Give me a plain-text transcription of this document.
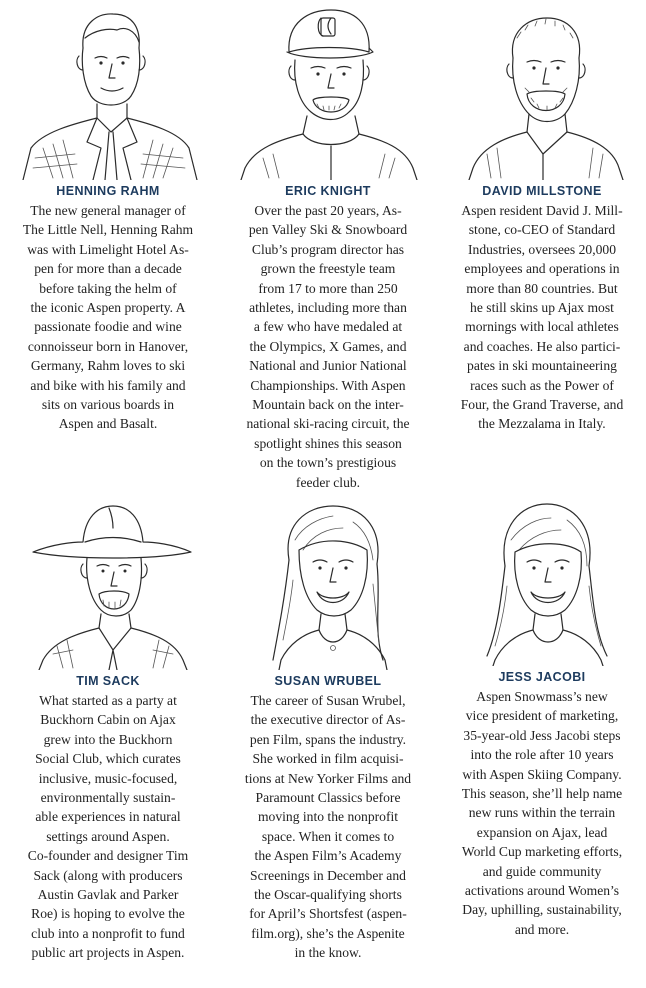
HENNING RAHM
The new general manager of
The Little Nell, Henning Rahm
was with Limelight Hotel As-
pen for more than a decade
before taking the helm of
the iconic Aspen property. A
passionate foodie and wine
connoisseur born in Hanover,
Germany, Rahm loves to ski
and bike with his family and
sits on various boards in
Aspen and Basalt.
ERIC KNIGHT
Over the past 20 years, As-
pen Valley Ski & Snowboard
Club’s program director has
grown the freestyle team
from 17 to more than 250
athletes, including more than
a few who have medaled at
the Olympics, X Games, and
National and Junior National
Championships. With Aspen
Mountain back on the inter-
national ski-racing circuit, the
spotlight shines this season
on the town’s prestigious
feeder club.
DAVID MILLSTONE
Aspen resident David J. Mill-
stone, co-CEO of Standard
Industries, oversees 20,000
employees and operations in
more than 80 countries. But
he still skins up Ajax most
mornings with local athletes
and coaches. He also partici-
pates in ski mountaineering
races such as the Power of
Four, the Grand Traverse, and
the Mezzalama in Italy.
TIM SACK
What started as a party at
Buckhorn Cabin on Ajax
grew into the Buckhorn
Social Club, which curates
inclusive, music-focused,
environmentally sustain-
able experiences in natural
settings around Aspen.
Co-founder and designer Tim
Sack (along with producers
Austin Gavlak and Parker
Roe) is hoping to evolve the
club into a nonprofit to fund
public art projects in Aspen.
SUSAN WRUBEL
The career of Susan Wrubel,
the executive director of As-
pen Film, spans the industry.
She worked in film acquisi-
tions at New Yorker Films and
Paramount Classics before
moving into the nonprofit
space. When it comes to
the Aspen Film’s Academy
Screenings in December and
the Oscar-qualifying shorts
for April’s Shortsfest (aspen-
film.org), she’s the Aspenite
in the know.
JESS JACOBI
Aspen Snowmass’s new
vice president of marketing,
35-year-old Jess Jacobi steps
into the role after 10 years
with Aspen Skiing Company.
This season, she’ll help name
new runs within the terrain
expansion on Ajax, lead
World Cup marketing efforts,
and guide community
activations around Women’s
Day, uphilling, sustainability,
and more.
